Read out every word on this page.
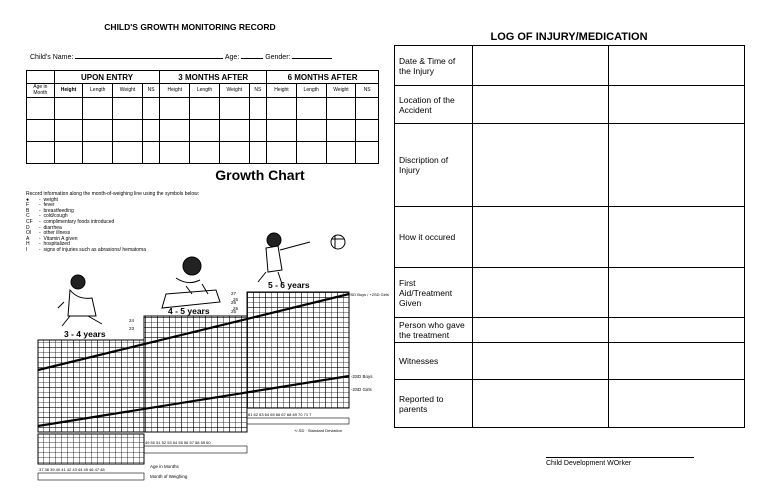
CHILD'S GROWTH MONITORING RECORD
Child's Name:	Age:	Gender:
	UPON ENTRY				3 MONTHS AFTER				6 MONTHS AFTER			
Age in Month	Height	Length	Weight	NS	Height	Length	Weight	NS	Height	Length	Weight	NS

Growth Chart
Record information along the month-of-weighing line using the symbols below:
●	- weight
F	- fever
B	- breastfeeding
C	- cold/cough
CF	- complimentary foods introduced
D	- diarrhea
OI	- other illness
A	- Vitamin A given
H	- hospitalized
I	- signs of injuries such as abrasions/ hematoma
3 - 4 years
4 - 5 years
5 - 6 years
24
23
26
25
27
26
25
+2SD Boys / +2SD Girls
-2SD Boys
-2SD Girls
+/-SD · Standard Deviation
61 62 63 64 65 66 67 68 69 70 71 7
49 50 51 52 53 54 55 56 57 58 59 60
37 38 39 40 41 42 43 44 45 46 47 48
Age in Months
Month of Weighing
LOG OF INJURY/MEDICATION
Date & Time of the Injury		
Location of the Accident		
Discription of Injury		
How it occured		
First Aid/Treatment Given		
Person who gave the treatment		
Witnesses		
Reported to parents		
Child Development WOrker
